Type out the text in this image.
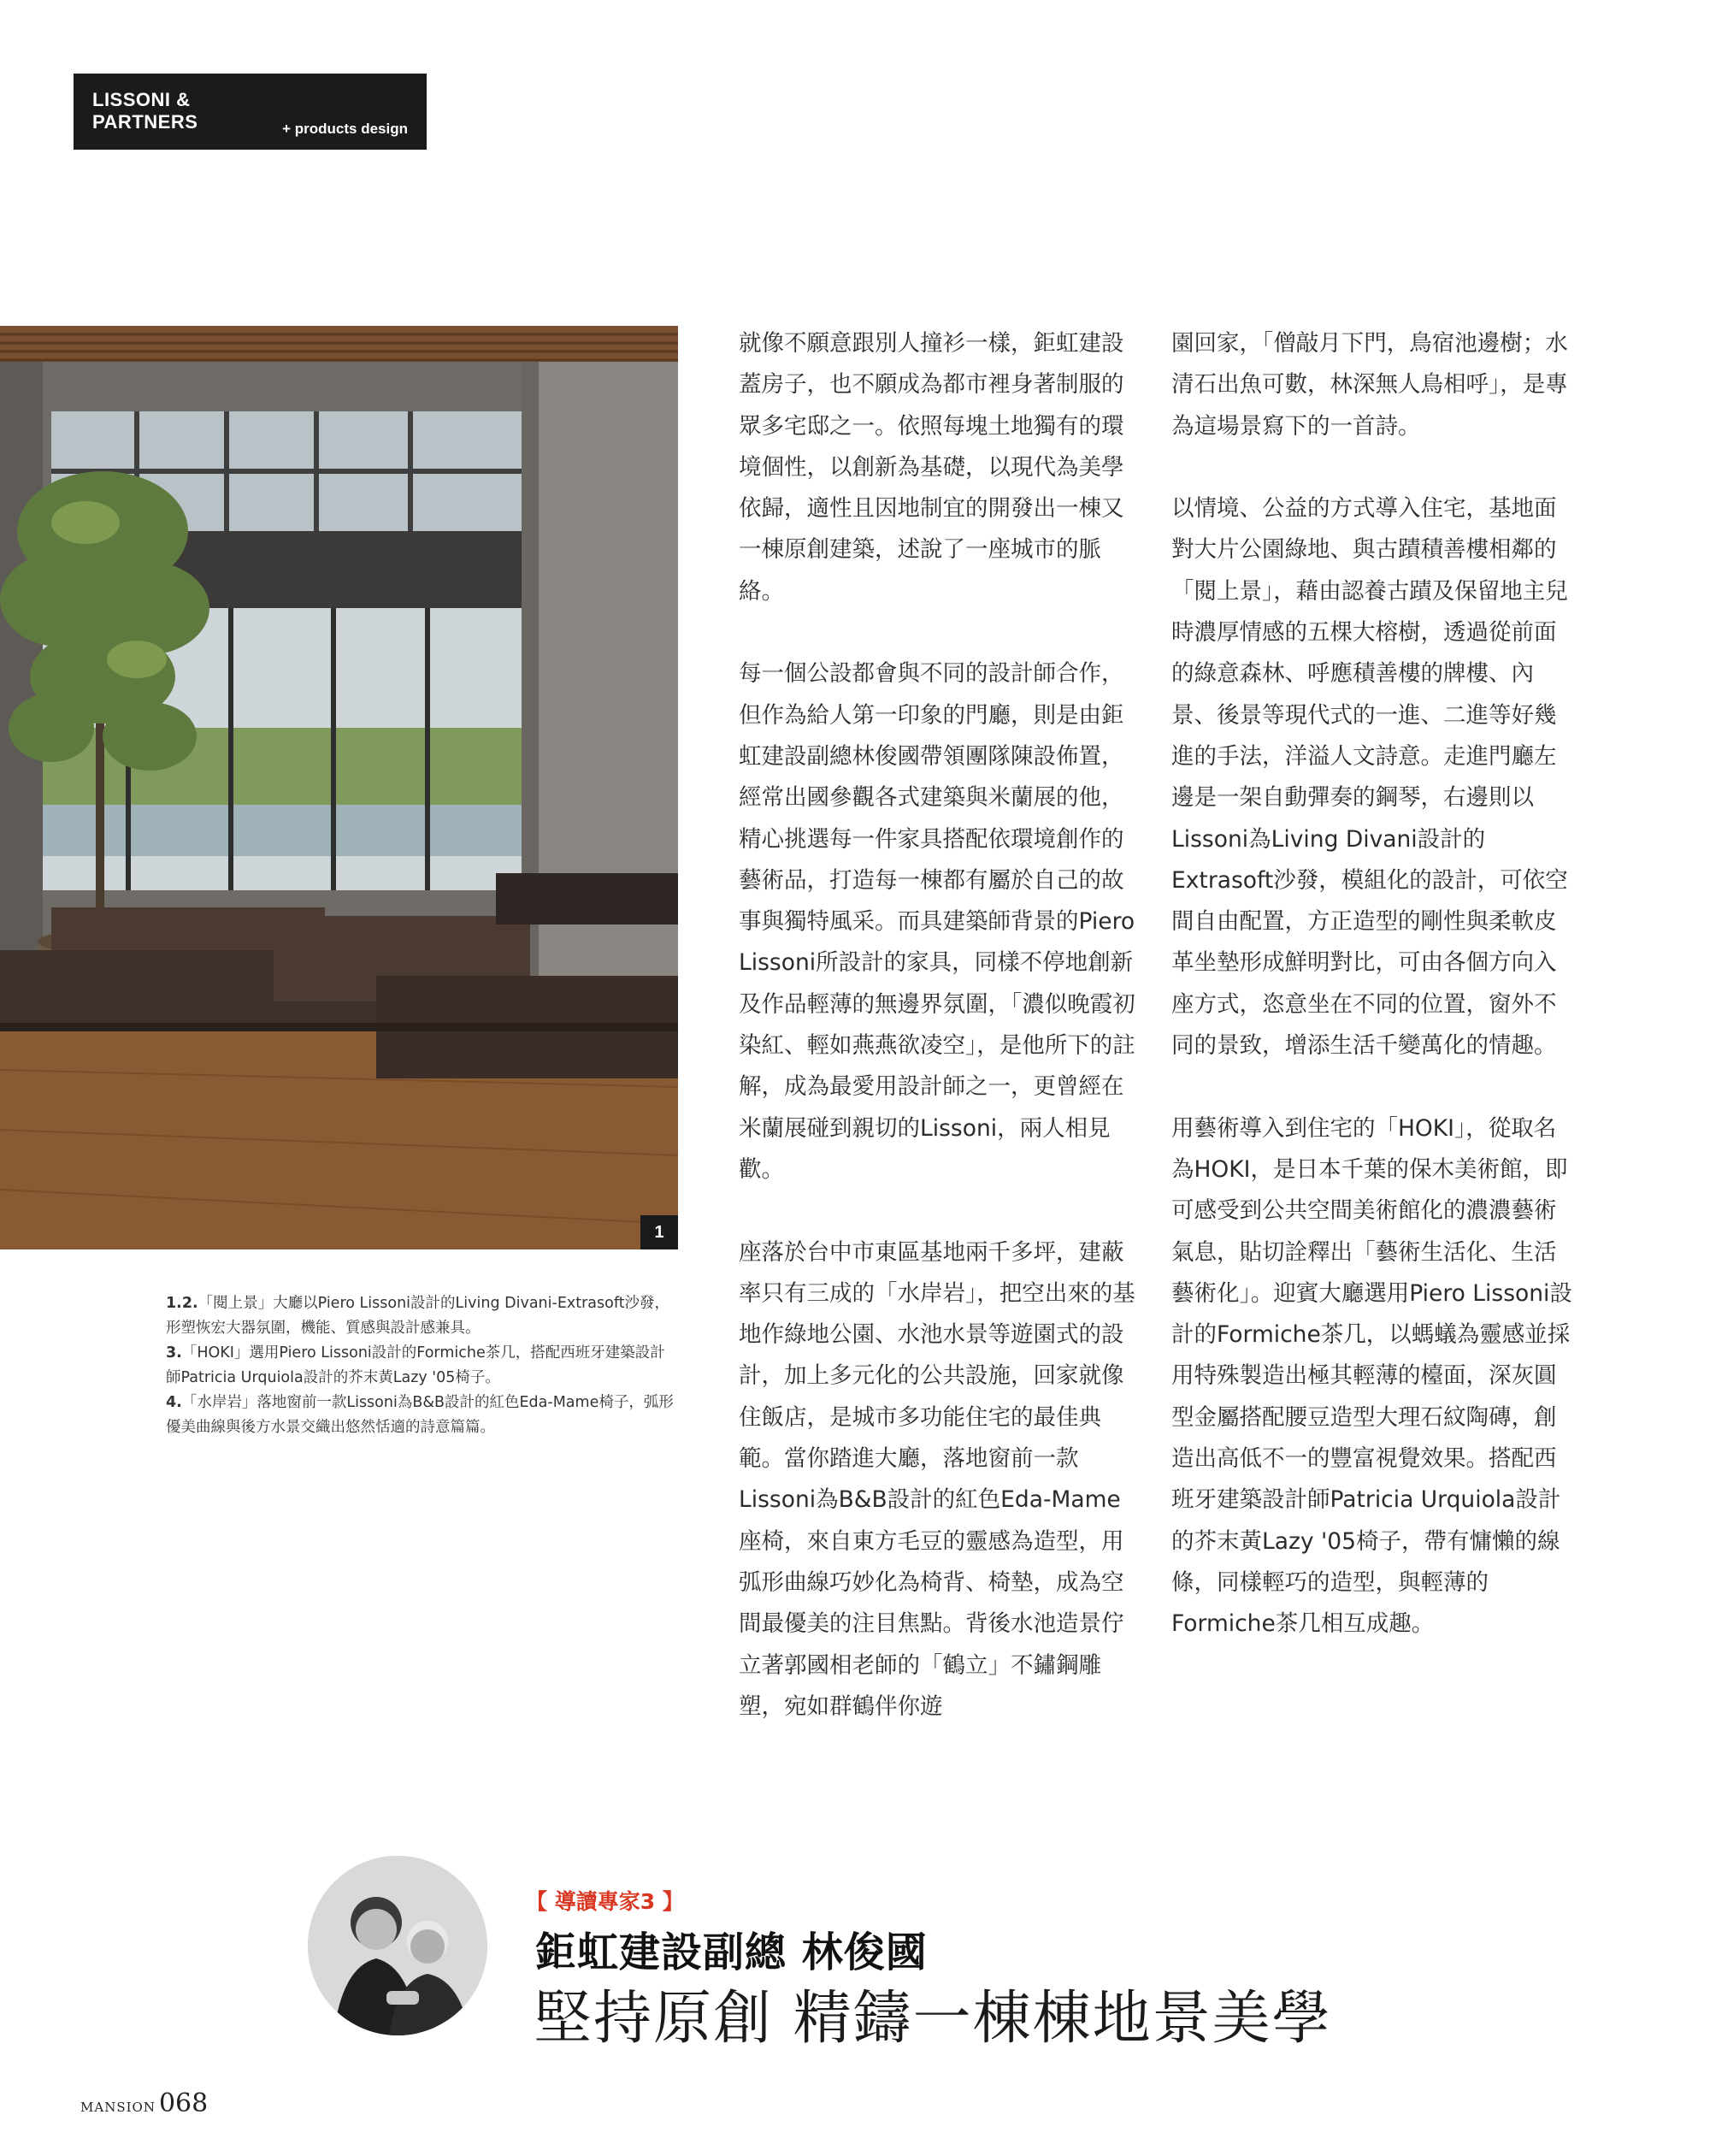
LISSONI &
PARTNERS	+ products design
1

1.2.「閱上景」大廳以Piero Lissoni設計的Living Divani-Extrasoft沙發，形塑恢宏大器氛圍，機能、質感與設計感兼具。

3.「HOKI」選用Piero Lissoni設計的Formiche茶几，搭配西班牙建築設計師Patricia Urquiola設計的芥末黃Lazy '05椅子。

4.「水岸岩」落地窗前一款Lissoni為B&B設計的紅色Eda-Mame椅子，弧形優美曲線與後方水景交織出悠然恬適的詩意篇篇。

就像不願意跟別人撞衫一樣，鉅虹建設蓋房子，也不願成為都市裡身著制服的眾多宅邸之一。依照每塊土地獨有的環境個性，以創新為基礎，以現代為美學依歸，適性且因地制宜的開發出一棟又一棟原創建築，述說了一座城市的脈絡。

每一個公設都會與不同的設計師合作，但作為給人第一印象的門廳，則是由鉅虹建設副總林俊國帶領團隊陳設佈置，經常出國參觀各式建築與米蘭展的他，精心挑選每一件家具搭配依環境創作的藝術品，打造每一棟都有屬於自己的故事與獨特風采。而具建築師背景的Piero Lissoni所設計的家具，同樣不停地創新及作品輕薄的無邊界氛圍，「濃似晚霞初染紅、輕如燕燕欲凌空」，是他所下的註解，成為最愛用設計師之一，更曾經在米蘭展碰到親切的Lissoni，兩人相見歡。

座落於台中市東區基地兩千多坪，建蔽率只有三成的「水岸岩」，把空出來的基地作綠地公園、水池水景等遊園式的設計，加上多元化的公共設施，回家就像住飯店，是城市多功能住宅的最佳典範。當你踏進大廳，落地窗前一款Lissoni為B&B設計的紅色Eda-Mame座椅，來自東方毛豆的靈感為造型，用弧形曲線巧妙化為椅背、椅墊，成為空間最優美的注目焦點。背後水池造景佇立著郭國相老師的「鶴立」不鏽鋼雕塑，宛如群鶴伴你遊

園回家，「僧敲月下門，鳥宿池邊樹；水清石出魚可數，林深無人鳥相呼」，是專為這場景寫下的一首詩。

以情境、公益的方式導入住宅，基地面對大片公園綠地、與古蹟積善樓相鄰的「閱上景」，藉由認養古蹟及保留地主兒時濃厚情感的五棵大榕樹，透過從前面的綠意森林、呼應積善樓的牌樓、內景、後景等現代式的一進、二進等好幾進的手法，洋溢人文詩意。走進門廳左邊是一架自動彈奏的鋼琴，右邊則以Lissoni為Living Divani設計的Extrasoft沙發，模組化的設計，可依空間自由配置，方正造型的剛性與柔軟皮革坐墊形成鮮明對比，可由各個方向入座方式，恣意坐在不同的位置，窗外不同的景致，增添生活千變萬化的情趣。

用藝術導入到住宅的「HOKI」，從取名為HOKI，是日本千葉的保木美術館，即可感受到公共空間美術館化的濃濃藝術氣息，貼切詮釋出「藝術生活化、生活藝術化」。迎賓大廳選用Piero Lissoni設計的Formiche茶几，以螞蟻為靈感並採用特殊製造出極其輕薄的檯面，深灰圓型金屬搭配腰豆造型大理石紋陶磚，創造出高低不一的豐富視覺效果。搭配西班牙建築設計師Patricia Urquiola設計的芥末黃Lazy '05椅子，帶有慵懶的線條，同樣輕巧的造型，與輕薄的Formiche茶几相互成趣。

【 導讀專家3 】
鉅虹建設副總 林俊國
堅持原創 精鑄一棟棟地景美學
MANSION 068
